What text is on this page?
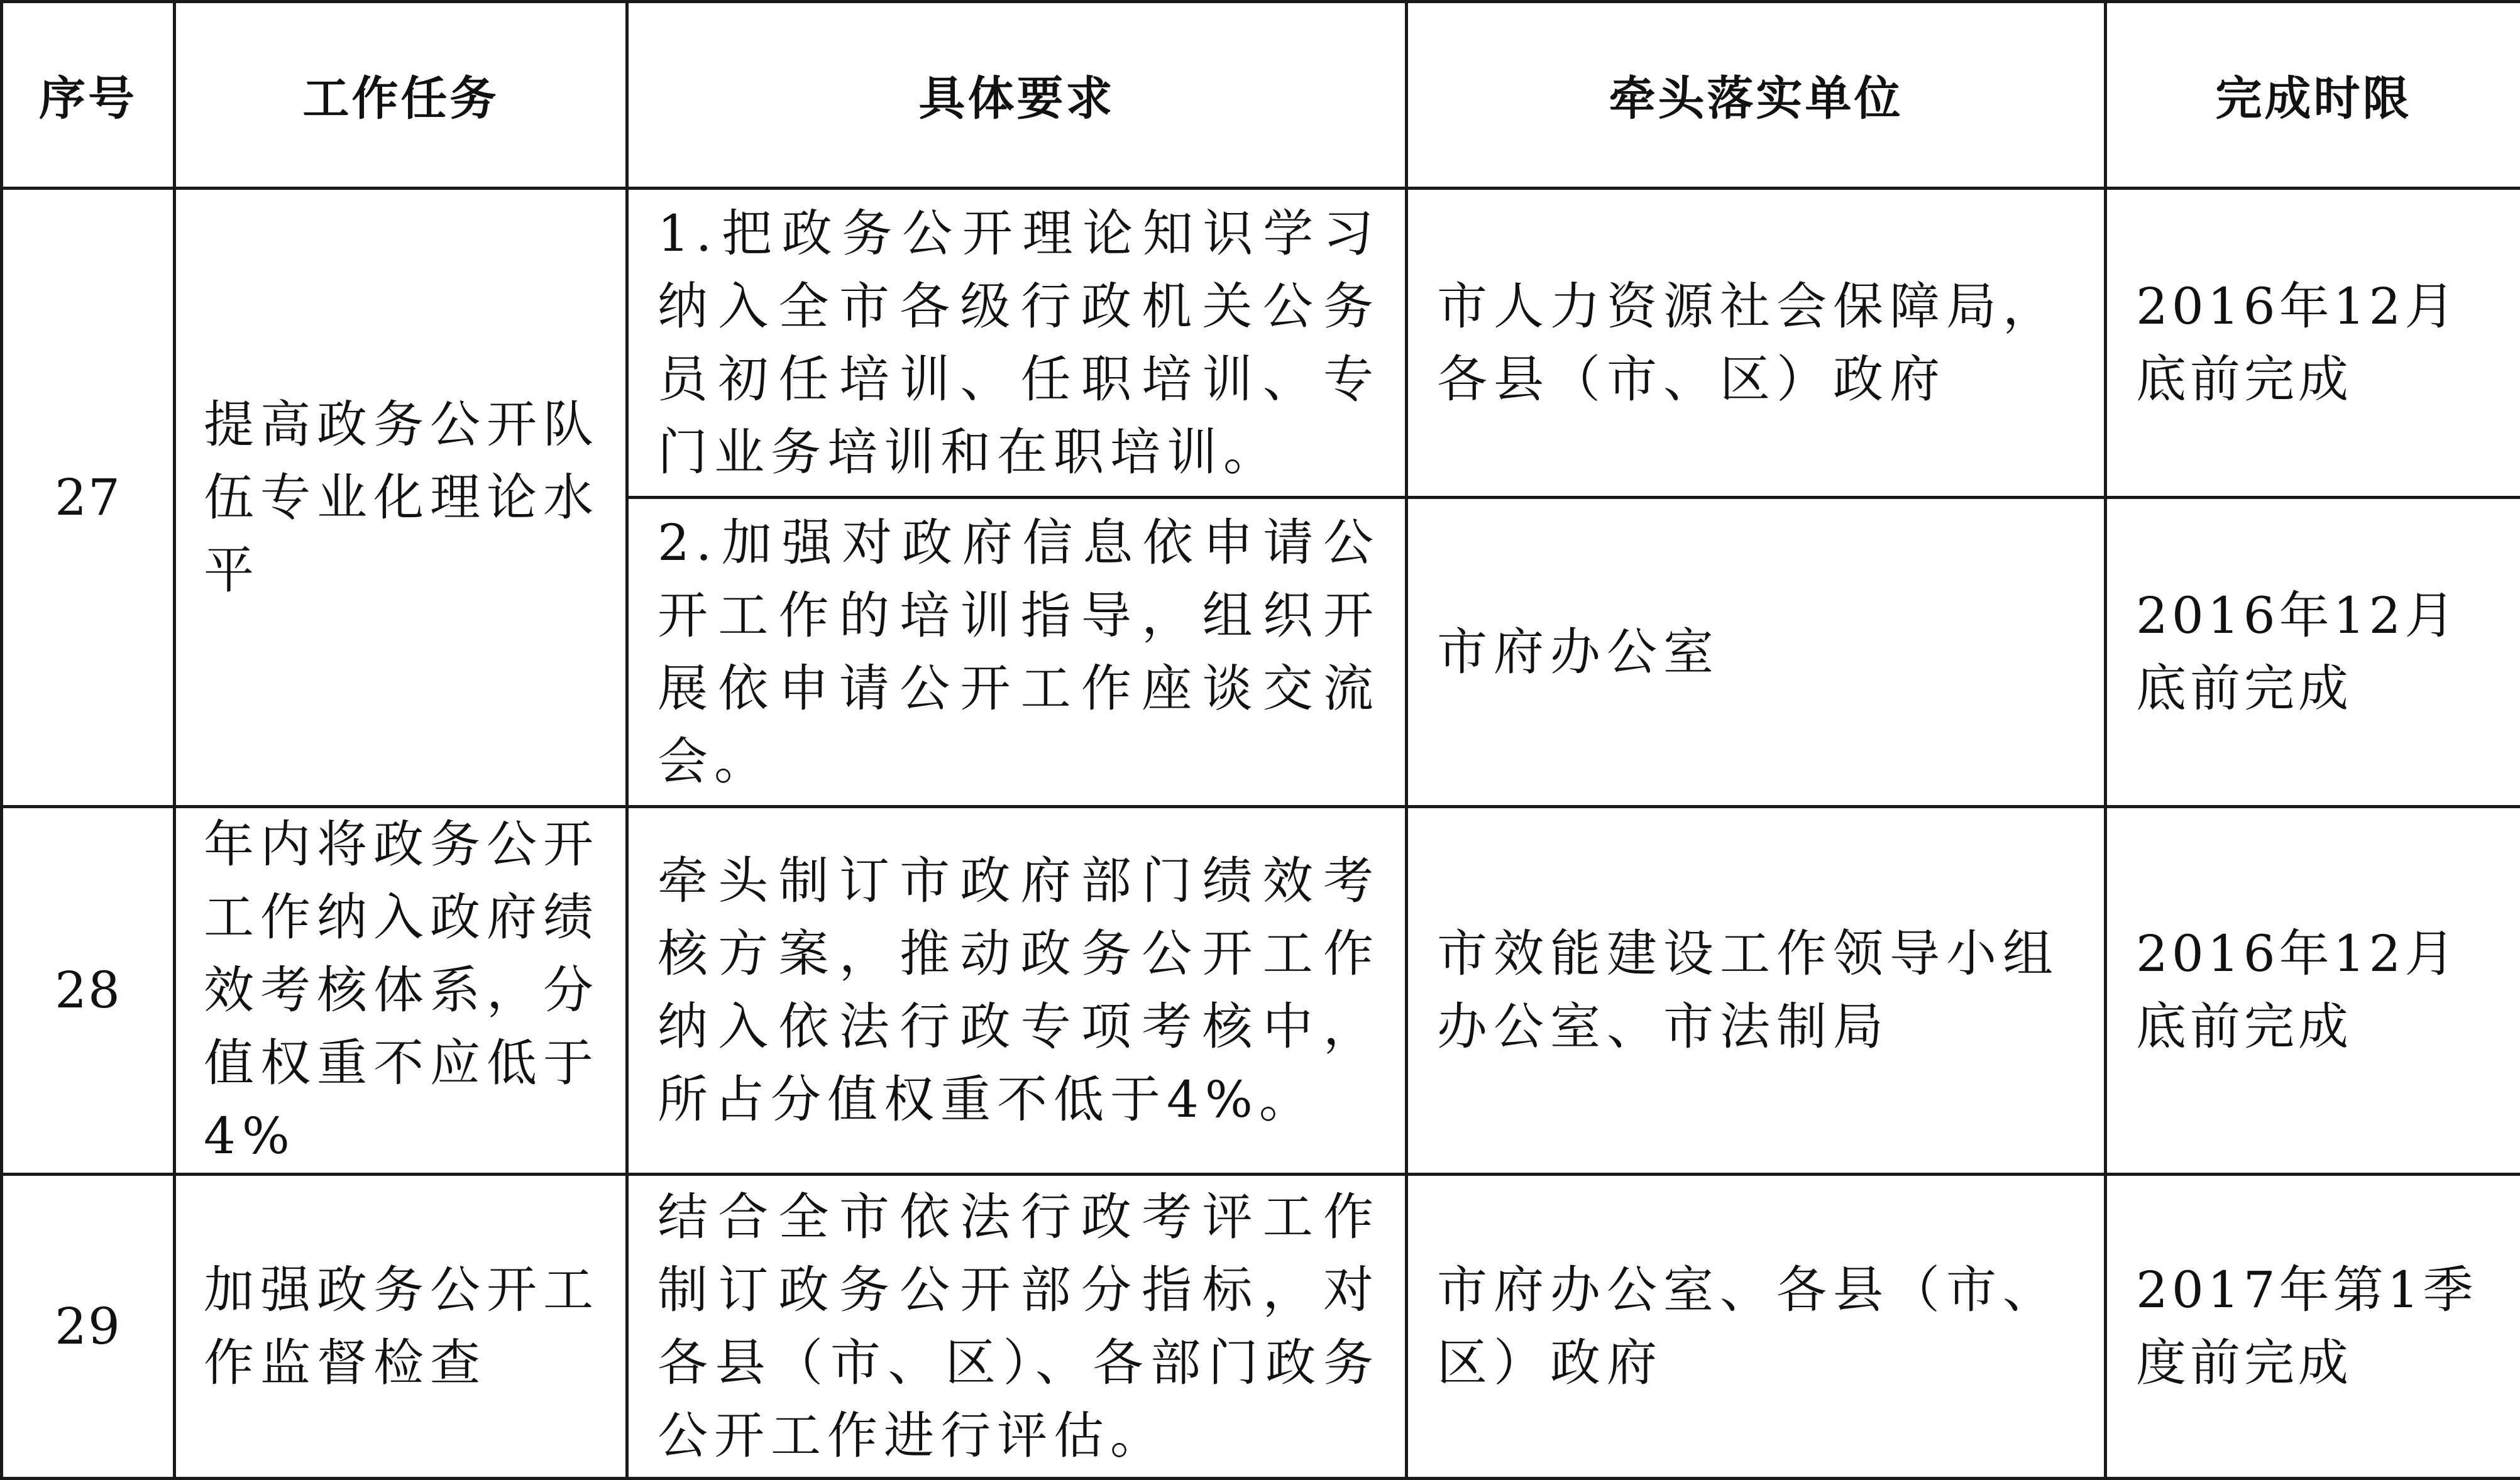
序号	工作任务	具体要求	牵头落实单位	完成时限
27	提高政务公开队伍专业化理论水平	1.把政务公开理论知识学习纳入全市各级行政机关公务员初任培训、任职培训、专门业务培训和在职培训。	市人力资源社会保障局，各县（市、区）政府	2016年12月底前完成
		2.加强对政府信息依申请公开工作的培训指导，组织开展依申请公开工作座谈交流会。	市府办公室	2016年12月底前完成
28	年内将政务公开工作纳入政府绩效考核体系，分值权重不应低于4%	牵头制订市政府部门绩效考核方案，推动政务公开工作纳入依法行政专项考核中，所占分值权重不低于4%。	市效能建设工作领导小组办公室、市法制局	2016年12月底前完成
29	加强政务公开工作监督检查	结合全市依法行政考评工作制订政务公开部分指标，对各县（市、区）、各部门政务公开工作进行评估。	市府办公室、各县（市、区）政府	2017年第1季度前完成
